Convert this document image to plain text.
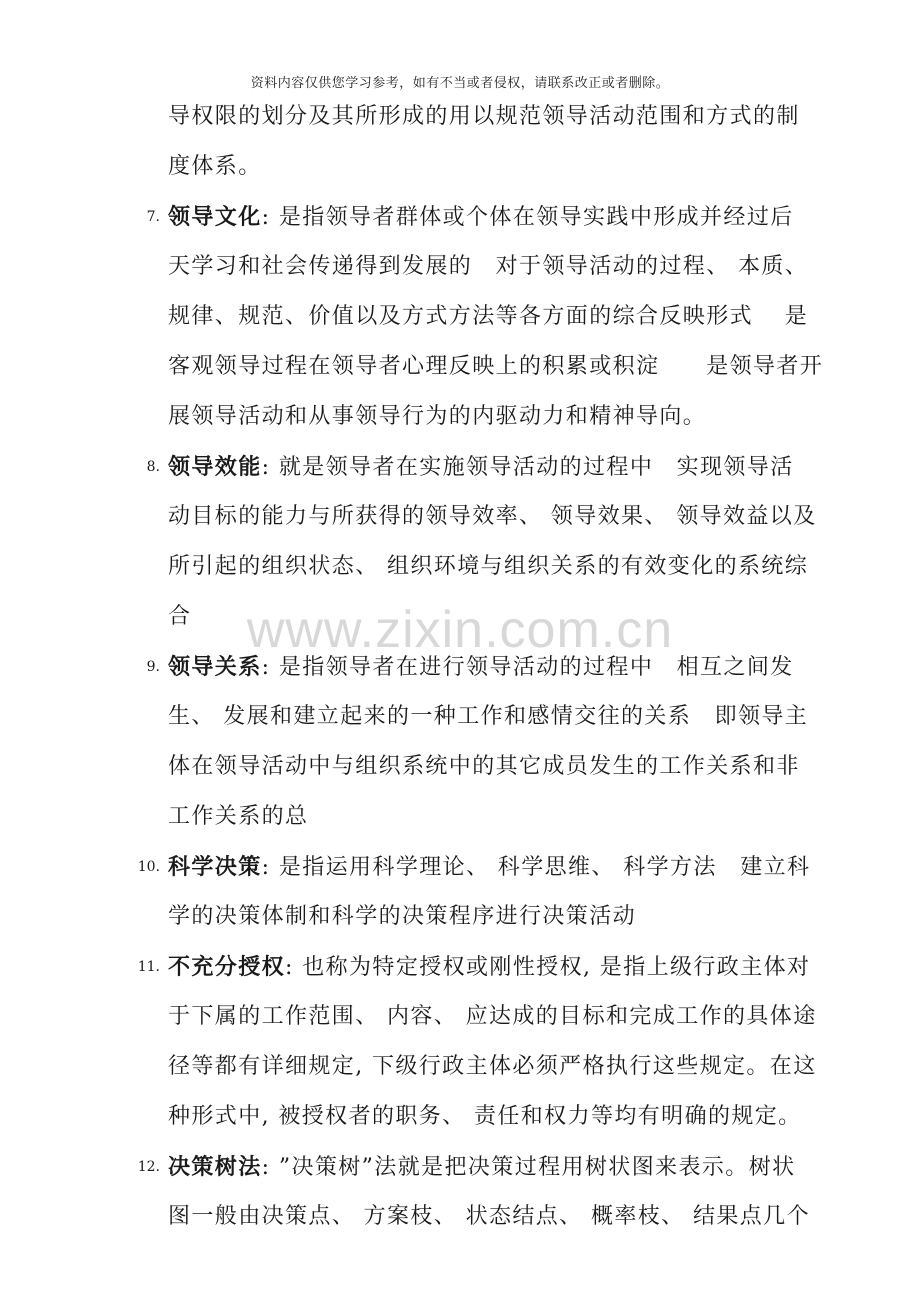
资料内容仅供您学习参考，如有不当或者侵权，请联系改正或者删除。
www.zixin.com.cn
导权限的划分及其所形成的用以规范领导活动范围和方式的制
度体系。
7. 领导文化: 是指领导者群体或个体在领导实践中形成并经过后
天学习和社会传递得到发展的　对于领导活动的过程、 本质、
规律、规范、价值以及方式方法等各方面的综合反映形式　 是
客观领导过程在领导者心理反映上的积累或积淀　　是领导者开
展领导活动和从事领导行为的内驱动力和精神导向。
8. 领导效能: 就是领导者在实施领导活动的过程中　实现领导活
动目标的能力与所获得的领导效率、 领导效果、 领导效益以及
所引起的组织状态、 组织环境与组织关系的有效变化的系统综
合
9. 领导关系: 是指领导者在进行领导活动的过程中　相互之间发
生、 发展和建立起来的一种工作和感情交往的关系　即领导主
体在领导活动中与组织系统中的其它成员发生的工作关系和非
工作关系的总
10. 科学决策: 是指运用科学理论、 科学思维、 科学方法　建立科
学的决策体制和科学的决策程序进行决策活动
11. 不充分授权: 也称为特定授权或刚性授权, 是指上级行政主体对
于下属的工作范围、 内容、 应达成的目标和完成工作的具体途
径等都有详细规定, 下级行政主体必须严格执行这些规定。在这
种形式中, 被授权者的职务、 责任和权力等均有明确的规定。
12. 决策树法: ”决策树”法就是把决策过程用树状图来表示。树状
图一般由决策点、 方案枝、 状态结点、 概率枝、 结果点几个
